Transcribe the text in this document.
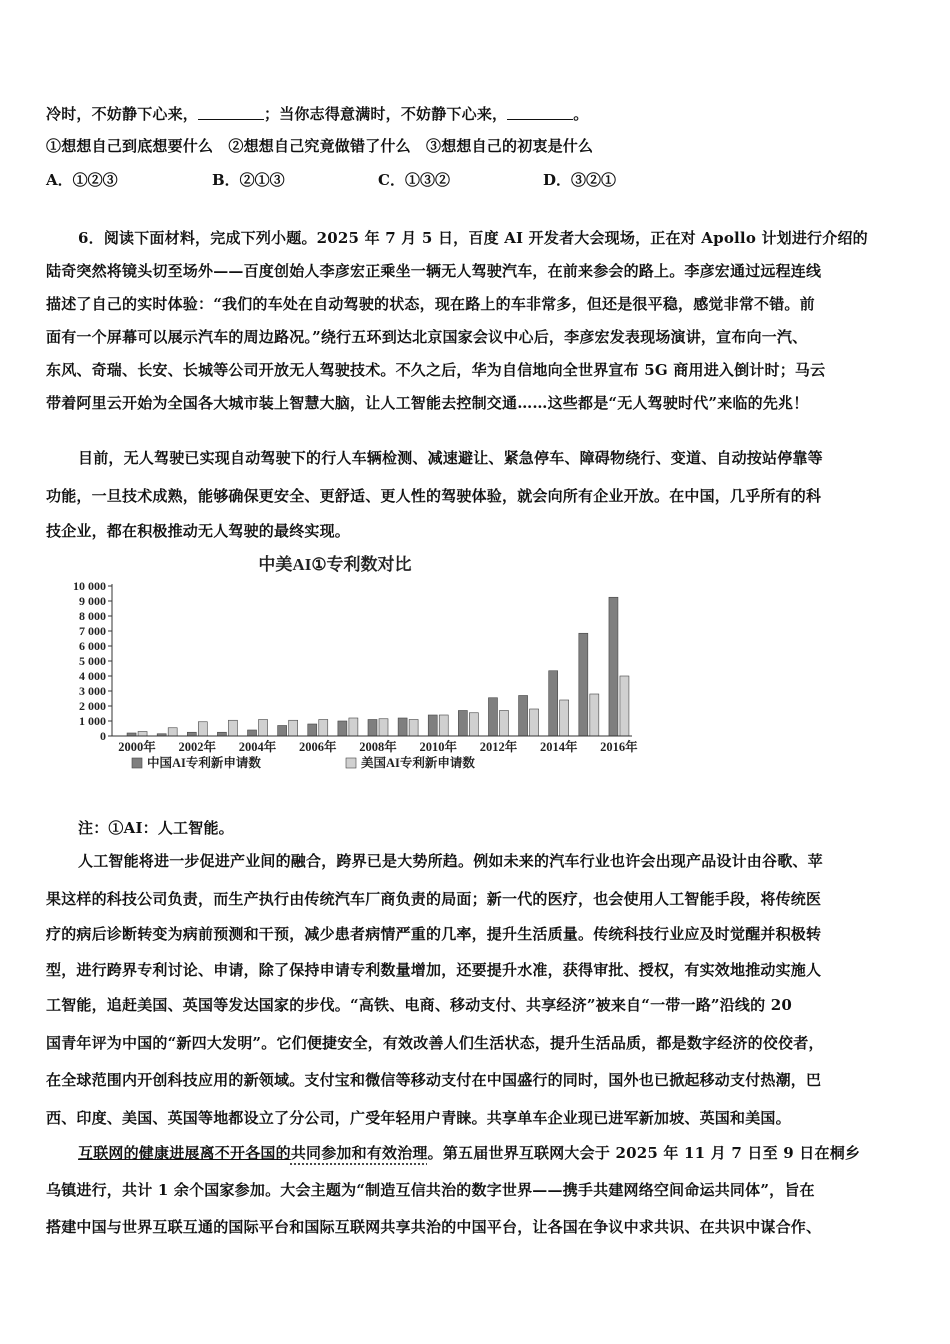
冷时，不妨静下心来，	；当你志得意满时，不妨静下心来，	。
①想想自己到底想要什么　②想想自己究竟做错了什么　③想想自己的初衷是什么
A．①②③	B．②①③	C．①③②	D．③②①
6．阅读下面材料，完成下列小题。2025 年 7 月 5 日，百度 AI 开发者大会现场，正在对 Apollo 计划进行介绍的
陆奇突然将镜头切至场外——百度创始人李彦宏正乘坐一辆无人驾驶汽车，在前来参会的路上。李彦宏通过远程连线
描述了自己的实时体验：“我们的车处在自动驾驶的状态，现在路上的车非常多，但还是很平稳，感觉非常不错。前
面有一个屏幕可以展示汽车的周边路况。”绕行五环到达北京国家会议中心后，李彦宏发表现场演讲，宣布向一汽、
东风、奇瑞、长安、长城等公司开放无人驾驶技术。不久之后，华为自信地向全世界宣布 5G 商用进入倒计时；马云
带着阿里云开始为全国各大城市装上智慧大脑，让人工智能去控制交通……这些都是“无人驾驶时代”来临的先兆！
目前，无人驾驶已实现自动驾驶下的行人车辆检测、减速避让、紧急停车、障碍物绕行、变道、自动按站停靠等
功能，一旦技术成熟，能够确保更安全、更舒适、更人性的驾驶体验，就会向所有企业开放。在中国，几乎所有的科
技企业，都在积极推动无人驾驶的最终实现。
中美AI①专利数对比
0
1 000
2 000
3 000
4 000
5 000
6 000
7 000
8 000
9 000
10 000
2000年 2002年 2004年 2006年 2008年 2010年 2012年 2014年 2016年
中国AI专利新申请数	美国AI专利新申请数
注：①AI：人工智能。
人工智能将进一步促进产业间的融合，跨界已是大势所趋。例如未来的汽车行业也许会出现产品设计由谷歌、苹
果这样的科技公司负责，而生产执行由传统汽车厂商负责的局面；新一代的医疗，也会使用人工智能手段，将传统医
疗的病后诊断转变为病前预测和干预，减少患者病情严重的几率，提升生活质量。传统科技行业应及时觉醒并积极转
型，进行跨界专利讨论、申请，除了保持申请专利数量增加，还要提升水准，获得审批、授权，有实效地推动实施人
工智能，追赶美国、英国等发达国家的步伐。“高铁、电商、移动支付、共享经济”被来自“一带一路”沿线的 20
国青年评为中国的“新四大发明”。它们便捷安全，有效改善人们生活状态，提升生活品质，都是数字经济的佼佼者，
在全球范围内开创科技应用的新领域。支付宝和微信等移动支付在中国盛行的同时，国外也已掀起移动支付热潮，巴
西、印度、美国、英国等地都设立了分公司，广受年轻用户青睐。共享单车企业现已进军新加坡、英国和美国。
互联网的健康进展离不开各国的共同参加和有效治理。第五届世界互联网大会于 2025 年 11 月 7 日至 9 日在桐乡
乌镇进行，共计 1 余个国家参加。大会主题为“制造互信共治的数字世界——携手共建网络空间命运共同体”，旨在
搭建中国与世界互联互通的国际平台和国际互联网共享共治的中国平台，让各国在争议中求共识、在共识中谋合作、
